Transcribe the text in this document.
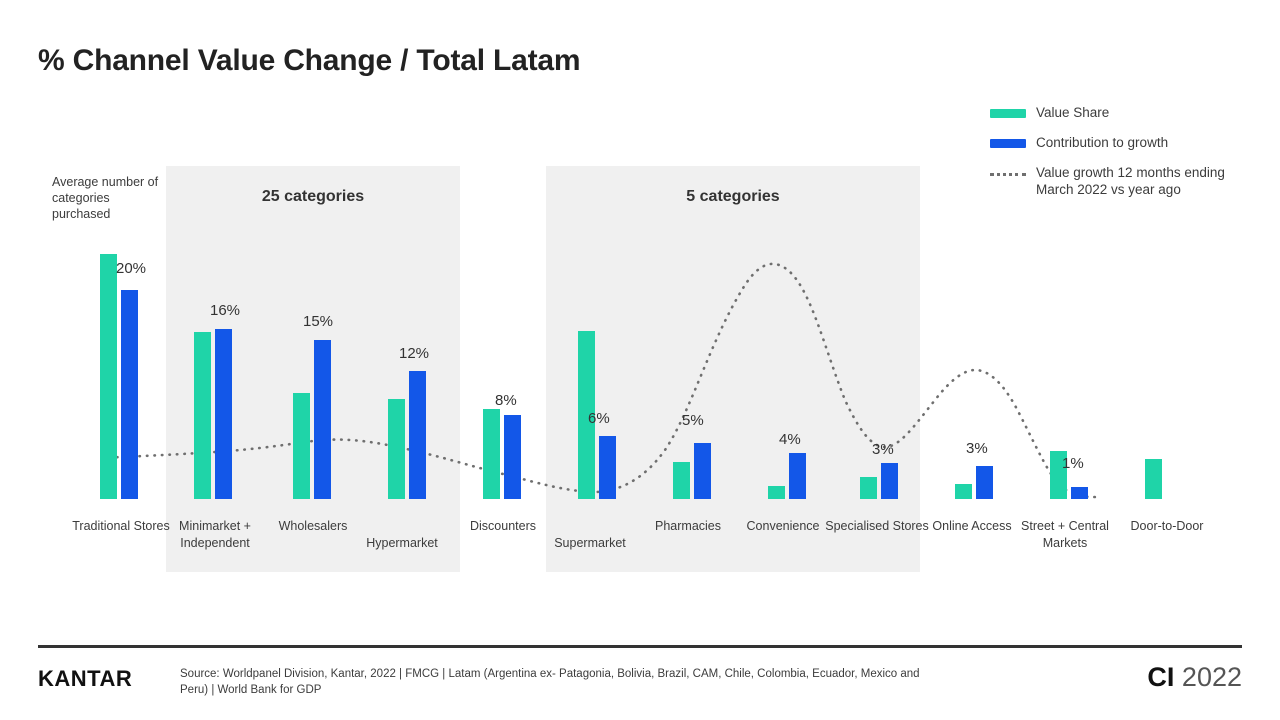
% Channel Value Change / Total Latam
Value Share
Contribution to growth
Value growth 12 months ending March 2022 vs year ago
25 categories	5 categories
Average number of categories purchased
20%
Traditional Stores
16%
Minimarket + Independent
15%
Wholesalers
12%
Hypermarket
8%
Discounters
6%
Supermarket
5%
Pharmacies
4%
Convenience
3%
Specialised Stores
3%
Online Access
1%
Street + Central Markets
Door-to-Door
KANTAR	Source: Worldpanel Division, Kantar, 2022 | FMCG | Latam (Argentina ex- Patagonia, Bolivia, Brazil, CAM, Chile, Colombia, Ecuador, Mexico and Peru) | World Bank for GDP	CI 2022
